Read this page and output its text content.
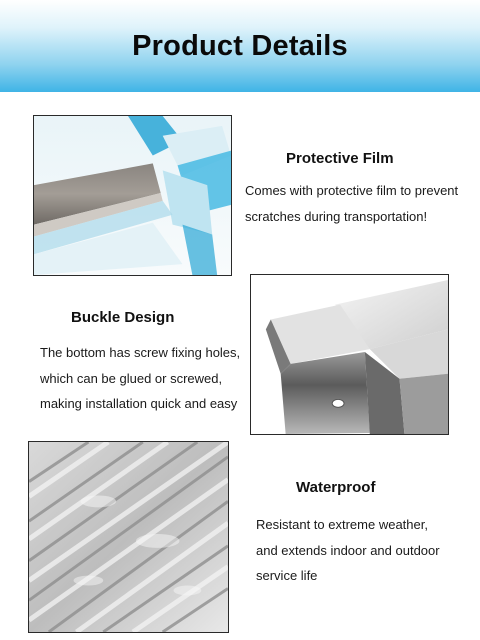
Product Details
Protective Film
Comes with protective film to prevent
scratches during transportation!
Buckle Design
The bottom has screw fixing holes,
which can be glued or screwed,
making installation quick and easy
Waterproof
Resistant to extreme weather,
and extends indoor and outdoor
service life
